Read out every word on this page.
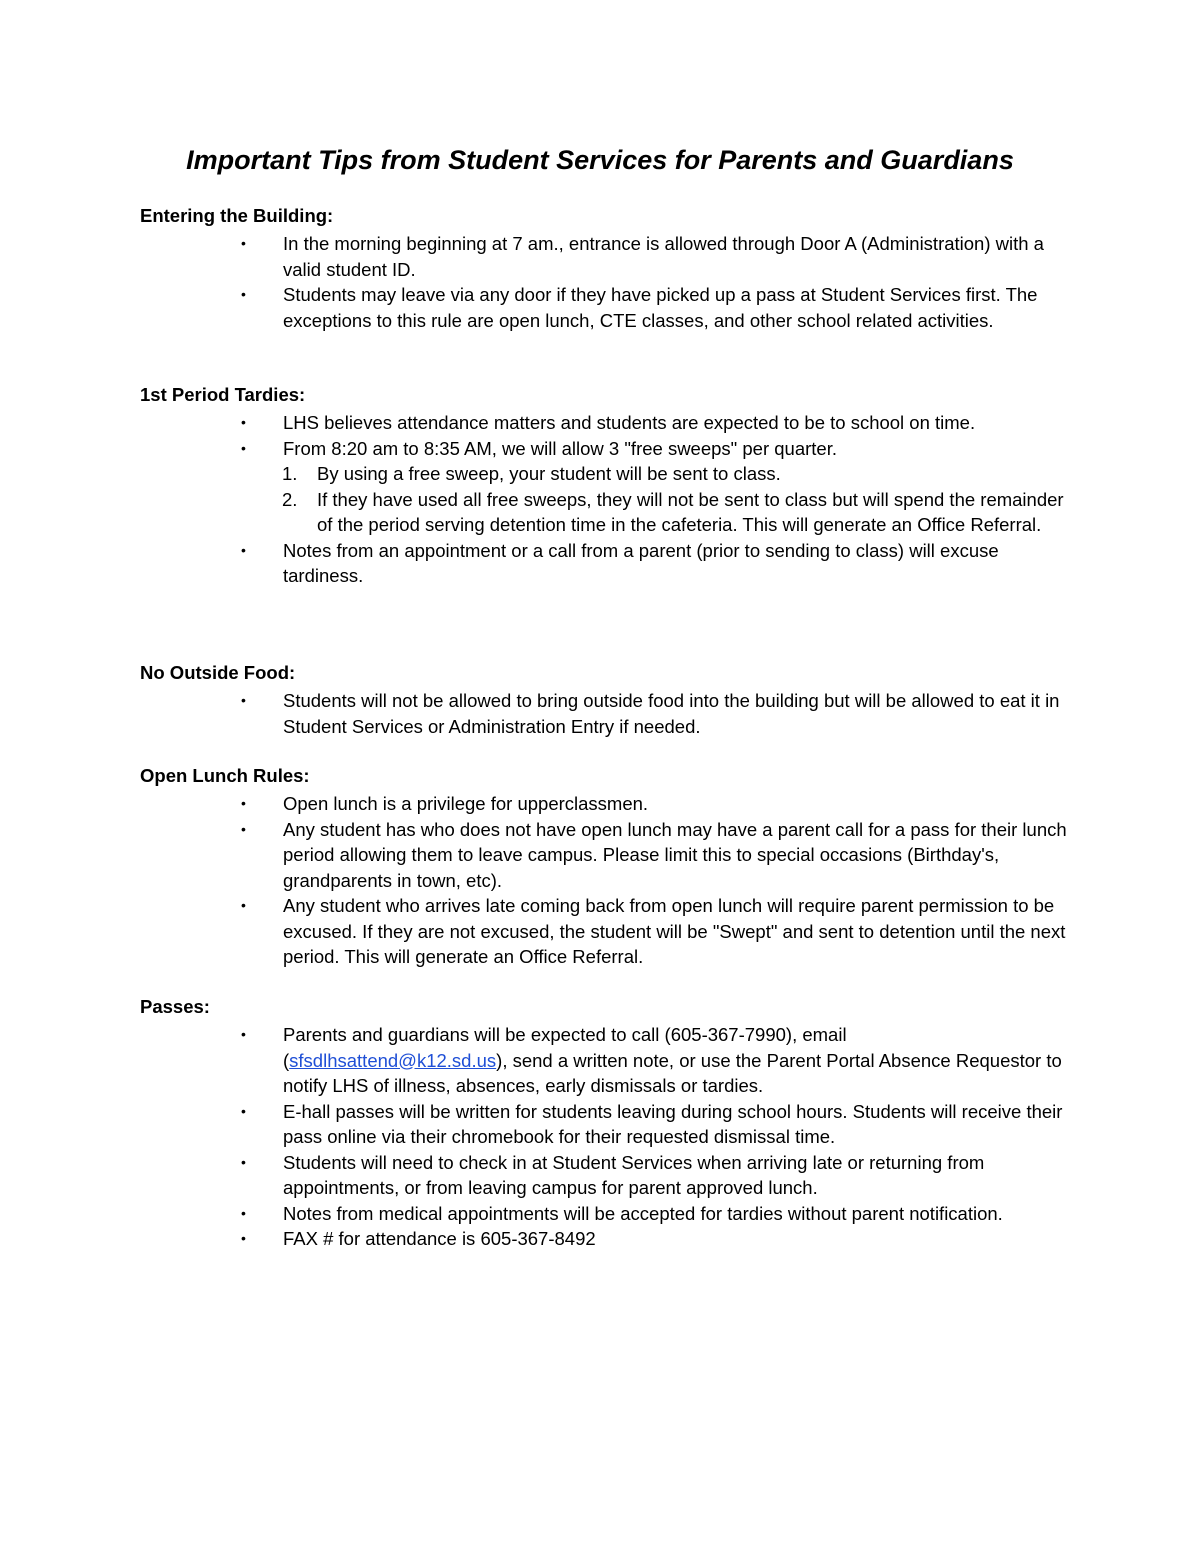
Important Tips from Student Services for Parents and Guardians
Entering the Building:
• In the morning beginning at 7 am., entrance is allowed through Door A (Administration) with a valid student ID.
• Students may leave via any door if they have picked up a pass at Student Services first. The exceptions to this rule are open lunch, CTE classes, and other school related activities.
1st Period Tardies:
• LHS believes attendance matters and students are expected to be to school on time.
• From 8:20 am to 8:35 AM, we will allow 3 "free sweeps" per quarter.
1. By using a free sweep, your student will be sent to class.
2. If they have used all free sweeps, they will not be sent to class but will spend the remainder of the period serving detention time in the cafeteria. This will generate an Office Referral.
• Notes from an appointment or a call from a parent (prior to sending to class) will excuse tardiness.
No Outside Food:
• Students will not be allowed to bring outside food into the building but will be allowed to eat it in Student Services or Administration Entry if needed.
Open Lunch Rules:
• Open lunch is a privilege for upperclassmen.
• Any student has who does not have open lunch may have a parent call for a pass for their lunch period allowing them to leave campus. Please limit this to special occasions (Birthday's, grandparents in town, etc).
• Any student who arrives late coming back from open lunch will require parent permission to be excused. If they are not excused, the student will be "Swept" and sent to detention until the next period. This will generate an Office Referral.
Passes:
• Parents and guardians will be expected to call (605-367-7990), email (sfsdlhsattend@k12.sd.us), send a written note, or use the Parent Portal Absence Requestor to notify LHS of illness, absences, early dismissals or tardies.
• E-hall passes will be written for students leaving during school hours. Students will receive their pass online via their chromebook for their requested dismissal time.
• Students will need to check in at Student Services when arriving late or returning from appointments, or from leaving campus for parent approved lunch.
• Notes from medical appointments will be accepted for tardies without parent notification.
• FAX # for attendance is 605-367-8492
